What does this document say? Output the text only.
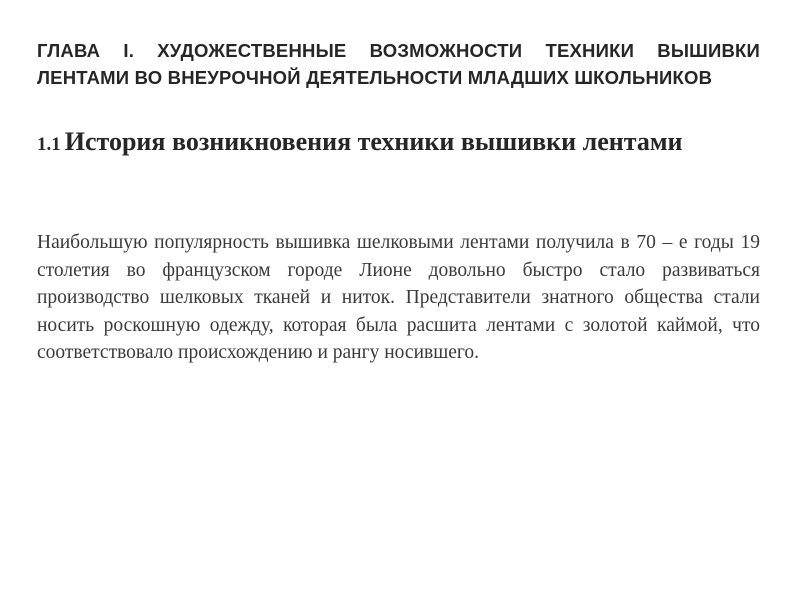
ГЛАВА I. ХУДОЖЕСТВЕННЫЕ ВОЗМОЖНОСТИ ТЕХНИКИ ВЫШИВКИ ЛЕНТАМИ ВО ВНЕУРОЧНОЙ ДЕЯТЕЛЬНОСТИ МЛАДШИХ ШКОЛЬНИКОВ

1.1 История возникновения техники вышивки лентами

Наибольшую популярность вышивка шелковыми лентами получила в 70 – е годы 19 столетия во французском городе Лионе довольно быстро стало развиваться производство шелковых тканей и ниток. Представители знатного общества стали носить роскошную одежду, которая была расшита лентами с золотой каймой, что соответствовало происхождению и рангу носившего.
